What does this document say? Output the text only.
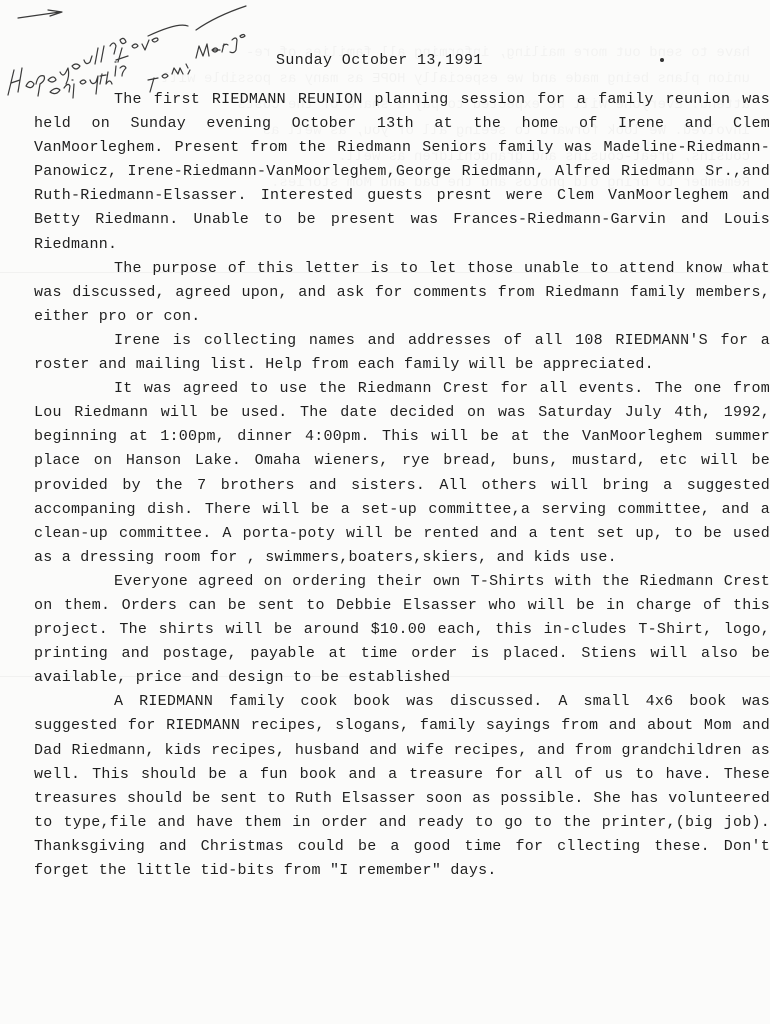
Sunday October 13,1991

The first RIEDMANN REUNION planning session for a family reunion was held on Sunday evening October 13th at the home of Irene and Clem VanMoorleghem. Present from the Riedmann Seniors family was Madeline-Riedmann-Panowicz, Irene-Riedmann-VanMoorleghem,George Riedmann, Alfred Riedmann Sr.,and Ruth-Riedmann-Elsasser. Interested guests presnt were Clem VanMoorleghem and Betty Riedmann. Unable to be present was Frances-Riedmann-Garvin and Louis Riedmann.

The purpose of this letter is to let those unable to attend know what was discussed, agreed upon, and ask for comments from Riedmann family members, either pro or con.

Irene is collecting names and addresses of all 108 RIEDMANN'S for a roster and mailing list. Help from each family will be appreciated.

It was agreed to use the Riedmann Crest for all events. The one from Lou Riedmann will be used. The date decided on was Saturday July 4th, 1992, beginning at 1:00pm, dinner 4:00pm. This will be at the VanMoorleghem summer place on Hanson Lake. Omaha wieners, rye bread, buns, mustard, etc will be provided by the 7 brothers and sisters. All others will bring a suggested accompaning dish. There will be a set-up committee,a serving committee, and a clean-up committee. A porta-poty will be rented and a tent set up, to be used as a dressing room for , swimmers,boaters,skiers, and kids use.

Everyone agreed on ordering their own T-Shirts with the Riedmann Crest on them. Orders can be sent to Debbie Elsasser who will be in charge of this project. The shirts will be around $10.00 each, this in-cludes T-Shirt, logo, printing and postage, payable at time order is placed. Stiens will also be available, price and design to be established

A RIEDMANN family cook book was discussed. A small 4x6 book was suggested for RIEDMANN recipes, slogans, family sayings from and about Mom and Dad Riedmann, kids recipes, husband and wife recipes, and from grandchildren as well. This should be a fun book and a treasure for all of us to have. These treasures should be sent to Ruth Elsasser soon as possible. She has volunteered to type,file and have them in order and ready to go to the printer,(big job). Thanksgiving and Christmas could be a good time for cllecting these. Don't forget the little tid-bits from "I remember" days.
